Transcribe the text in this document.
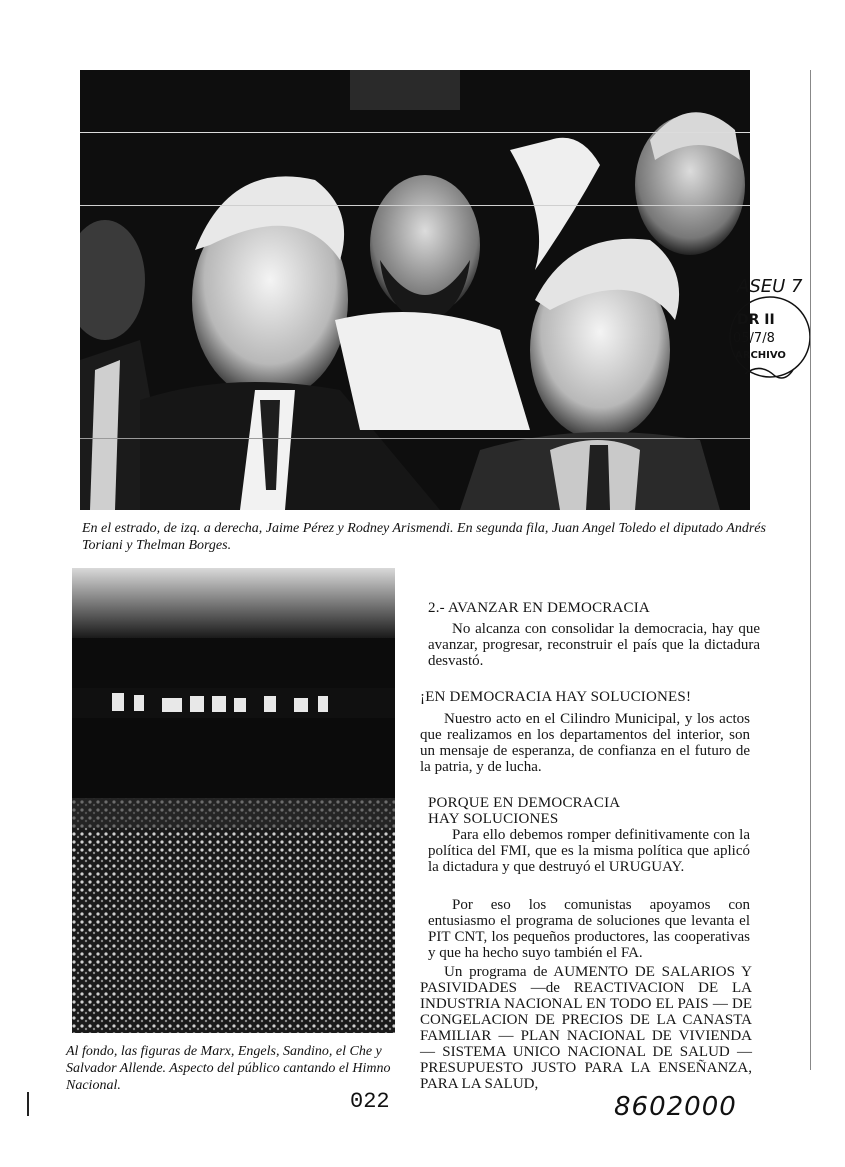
ASEU 7
DR II
05/7/8
ARCHIVO
En el estrado, de izq. a derecha, Jaime Pérez y Rodney Arismendi. En segunda fila, Juan Angel Toledo el diputado Andrés Toriani y Thelman Borges.
Al fondo, las figuras de Marx, Engels, Sandino, el Che y Salvador Allende. Aspecto del público cantando el Himno Nacional.
2.- AVANZAR EN DEMOCRACIA
No alcanza con consolidar la democracia, hay que avanzar, progresar, reconstruir el país que la dictadura desvastó.
¡EN DEMOCRACIA HAY SOLUCIONES!
Nuestro acto en el Cilindro Municipal, y los actos que realizamos en los departamentos del interior, son un mensaje de esperanza, de confianza en el futuro de la patria, y de lucha.
PORQUE EN DEMOCRACIA
HAY SOLUCIONES
Para ello debemos romper definitivamente con la política del FMI, que es la misma política que aplicó la dictadura y que destruyó el URUGUAY.
Por eso los comunistas apoyamos con entusiasmo el programa de soluciones que levanta el PIT CNT, los pequeños productores, las cooperativas y que ha hecho suyo también el FA.
Un programa de AUMENTO DE SALARIOS Y PASIVIDADES —de REACTIVACION DE LA INDUSTRIA NACIONAL EN TODO EL PAIS — DE CONGELACION DE PRECIOS DE LA CANASTA FAMILIAR — PLAN NACIONAL DE VIVIENDA — SISTEMA UNICO NACIONAL DE SALUD — PRESUPUESTO JUSTO PARA LA ENSEÑANZA, PARA LA SALUD,
022	8602000
